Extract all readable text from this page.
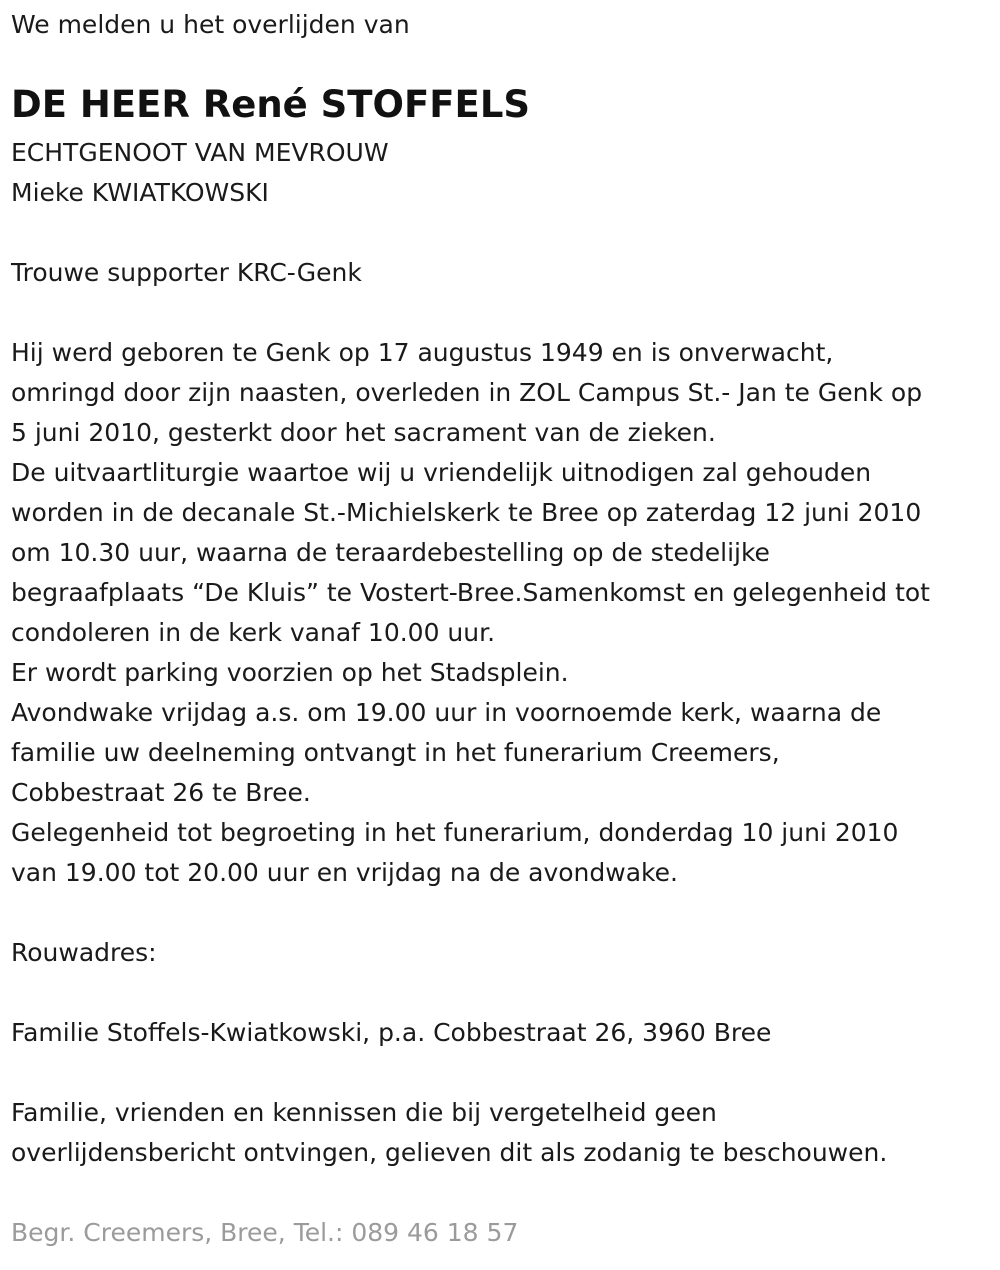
We melden u het overlijden van

DE HEER René STOFFELS

ECHTGENOOT VAN MEVROUW

Mieke KWIATKOWSKI

Trouwe supporter KRC-Genk

Hij werd geboren te Genk op 17 augustus 1949 en is onverwacht,

omringd door zijn naasten, overleden in ZOL Campus St.- Jan te Genk op

5 juni 2010, gesterkt door het sacrament van de zieken.

De uitvaartliturgie waartoe wij u vriendelijk uitnodigen zal gehouden

worden in de decanale St.-Michielskerk te Bree op zaterdag 12 juni 2010

om 10.30 uur, waarna de teraardebestelling op de stedelijke

begraafplaats “De Kluis” te Vostert-Bree.Samenkomst en gelegenheid tot

condoleren in de kerk vanaf 10.00 uur.

Er wordt parking voorzien op het Stadsplein.

Avondwake vrijdag a.s. om 19.00 uur in voornoemde kerk, waarna de

familie uw deelneming ontvangt in het funerarium Creemers,

Cobbestraat 26 te Bree.

Gelegenheid tot begroeting in het funerarium, donderdag 10 juni 2010

van 19.00 tot 20.00 uur en vrijdag na de avondwake.

Rouwadres:

Familie Stoffels-Kwiatkowski, p.a. Cobbestraat 26, 3960 Bree

Familie, vrienden en kennissen die bij vergetelheid geen

overlijdensbericht ontvingen, gelieven dit als zodanig te beschouwen.

Begr. Creemers, Bree, Tel.: 089 46 18 57
